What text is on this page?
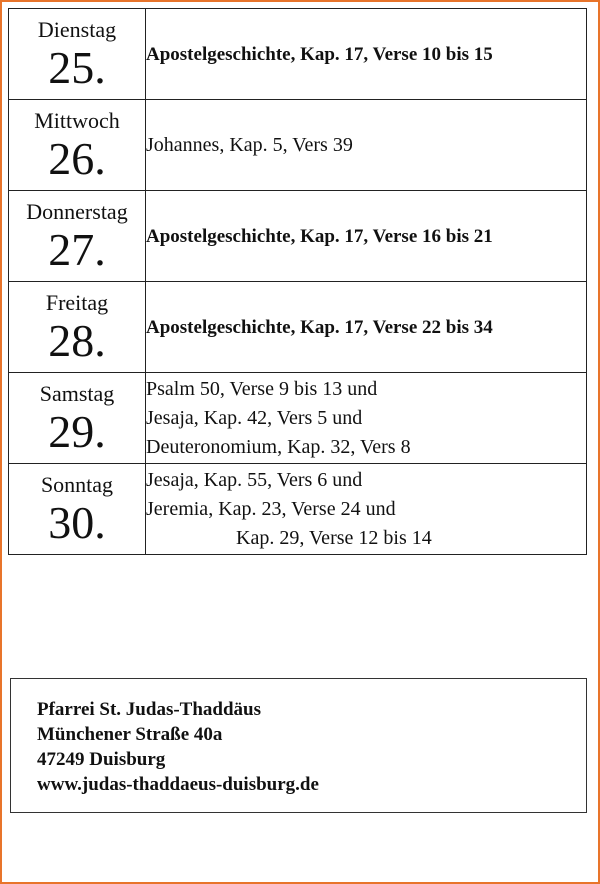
Dienstag
25.	Apostelgeschichte, Kap. 17, Verse 10 bis 15

Mittwoch
26.	Johannes, Kap. 5, Vers 39

Donnerstag
27.	Apostelgeschichte, Kap. 17, Verse 16 bis 21

Freitag
28.	Apostelgeschichte, Kap. 17, Verse 22 bis 34

Samstag
29.	Psalm 50, Verse 9 bis 13 und
Jesaja, Kap. 42, Vers 5 und
Deuteronomium, Kap. 32, Vers 8

Sonntag
30.	Jesaja, Kap. 55, Vers 6 und
Jeremia, Kap. 23, Verse 24 und
Kap. 29, Verse 12 bis 14
Pfarrei St. Judas-Thaddäus
Münchener Straße 40a
47249 Duisburg
www.judas-thaddaeus-duisburg.de
